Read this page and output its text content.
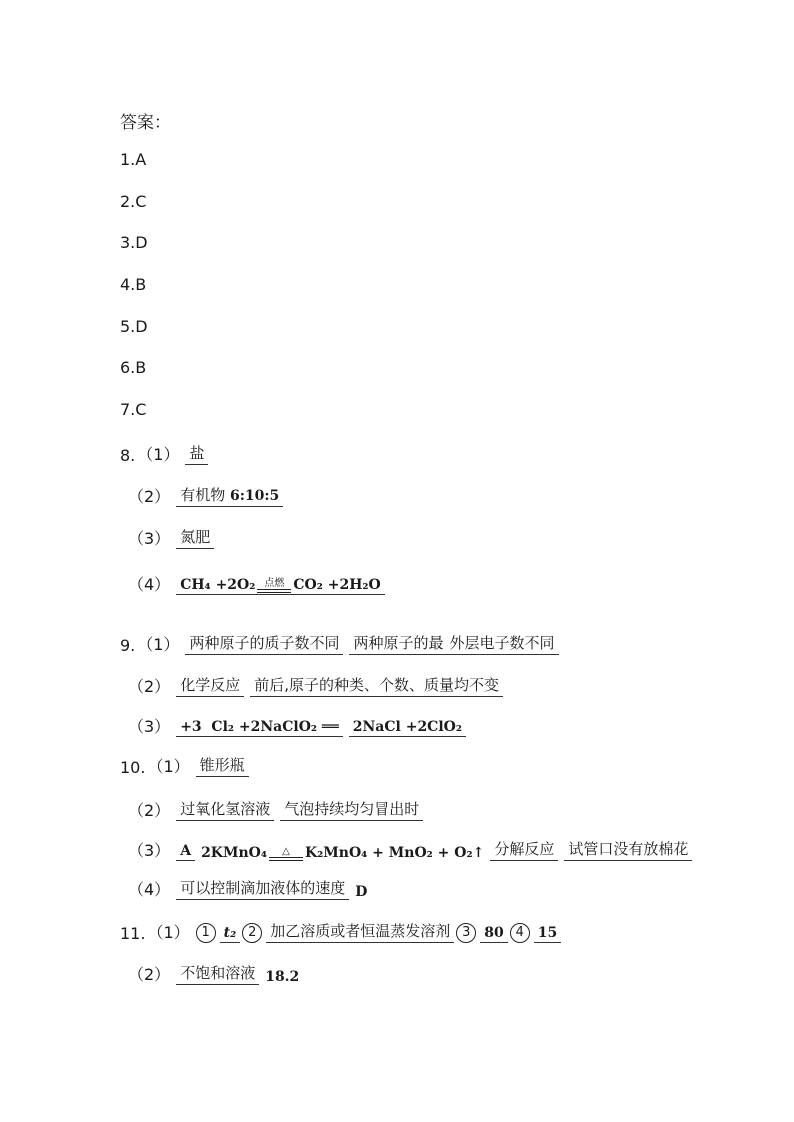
答案：
1. A
2. C
3. D
4. B
5. D
6. B
7. C
8. （1） 盐
（2） 有机物 6:10:5
（3） 氮肥
（4） CH₄ +2O₂ 点燃 CO₂ +2H₂O
9. （1） 两种原子的质子数不同 两种原子的最 外层电子数不同
（2） 化学反应 前后,原子的种类、个数、质量均不变
（3） +3 Cl₂ +2NaClO₂ ══ 2NaCl +2ClO₂
10. （1） 锥形瓶
（2） 过氧化氢溶液 气泡持续均匀冒出时
（3） A 2KMnO₄ △ K₂MnO₄ + MnO₂ + O₂↑ 分解反应 试管口没有放棉花
（4） 可以控制滴加液体的速度 D
11. （1） 1 t₂ 2 加乙溶质或者恒温蒸发溶剂 3 80 4 15
（2） 不饱和溶液 18.2
